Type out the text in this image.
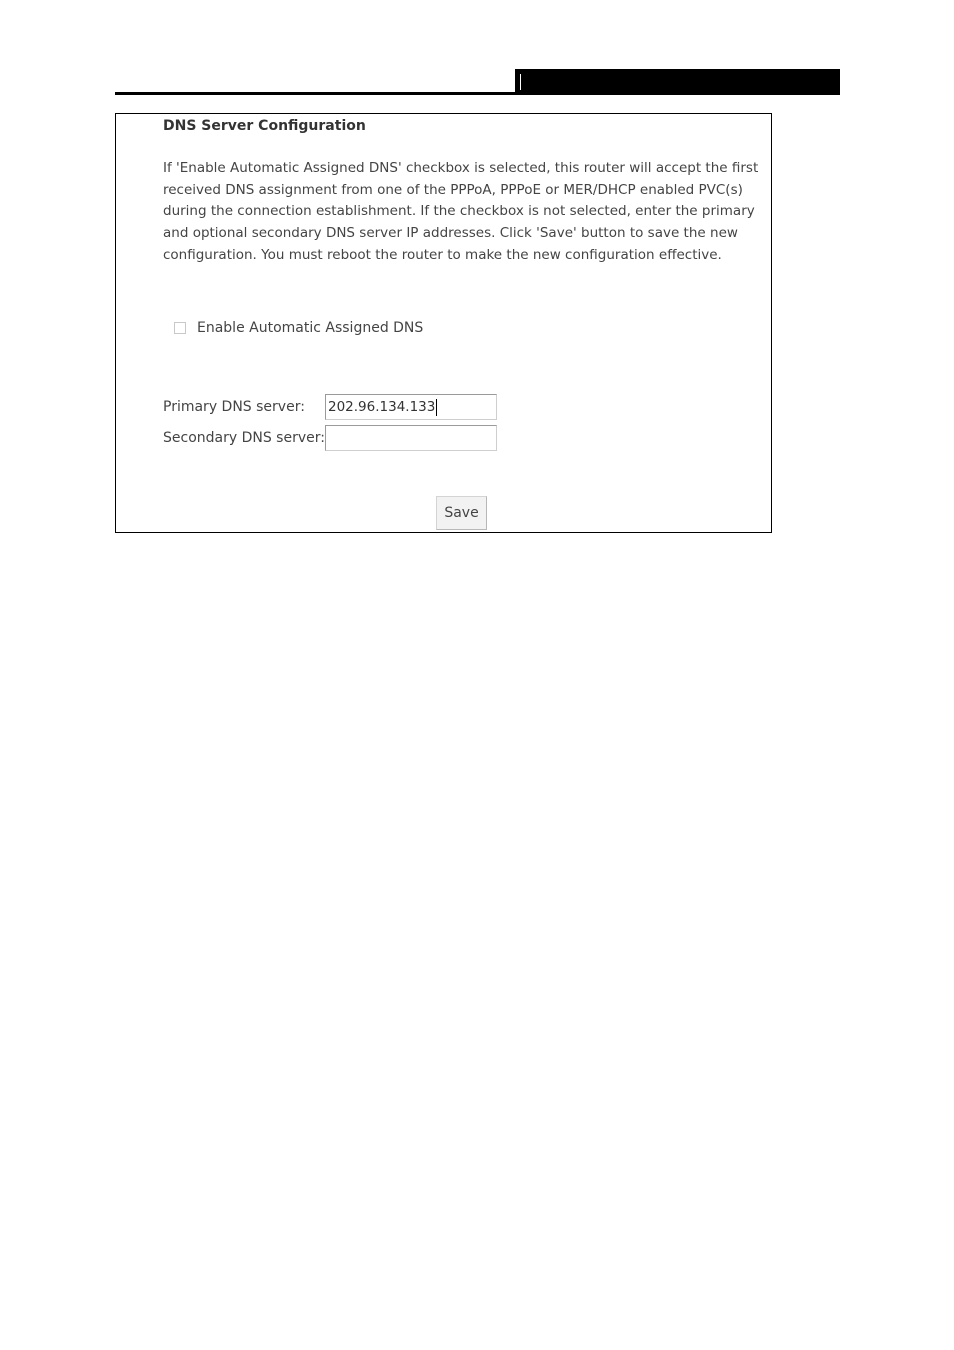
DNS Server Configuration

If 'Enable Automatic Assigned DNS' checkbox is selected, this router will accept the first received DNS assignment from one of the PPPoA, PPPoE or MER/DHCP enabled PVC(s) during the connection establishment. If the checkbox is not selected, enter the primary and optional secondary DNS server IP addresses. Click 'Save' button to save the new configuration. You must reboot the router to make the new configuration effective.

Enable Automatic Assigned DNS
Primary DNS server:	202.96.134.133
Secondary DNS server:
Save
